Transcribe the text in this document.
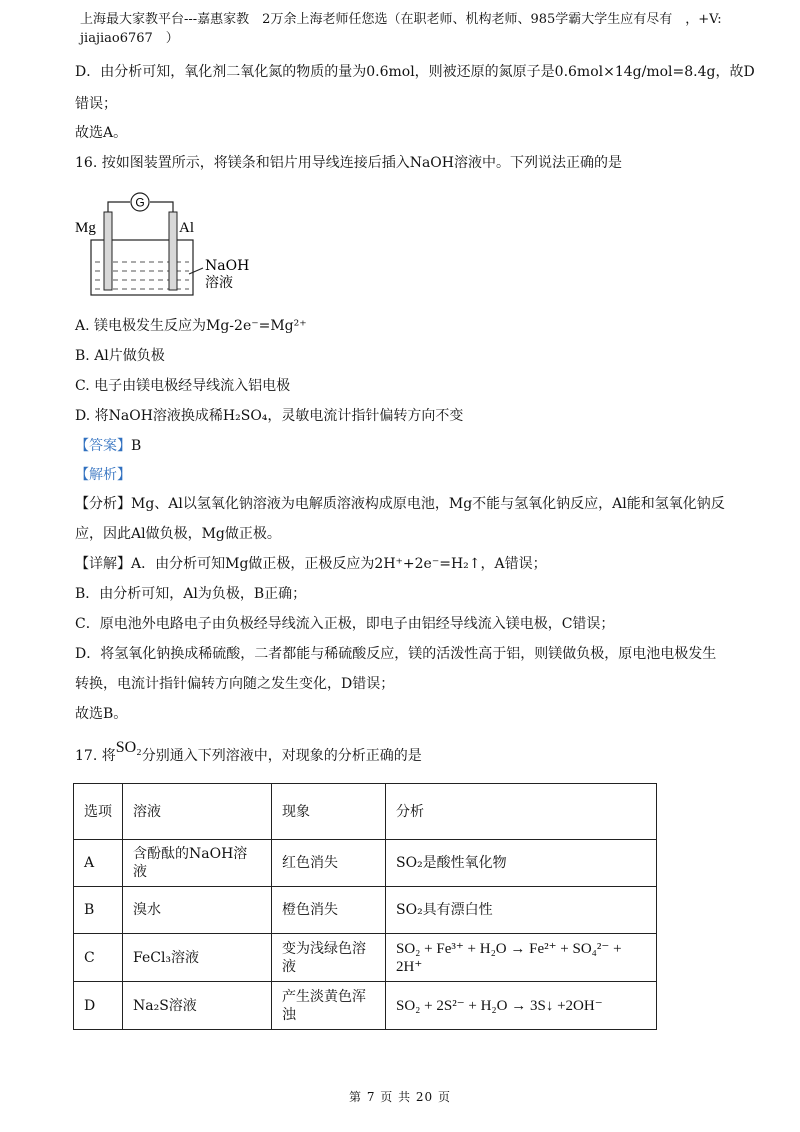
上海最大家教平台---嘉惠家教　2万余上海老师任您选（在职老师、机构老师、985学霸大学生应有尽有　，+V:
jiajiao6767　）
D．由分析可知，氧化剂二氧化氮的物质的量为0.6mol，则被还原的氮原子是0.6mol×14g/mol=8.4g，故D
错误；
故选A。
16. 按如图装置所示，将镁条和铝片用导线连接后插入NaOH溶液中。下列说法正确的是
G
Mg	Al
NaOH
溶液
A. 镁电极发生反应为Mg-2e⁻=Mg²⁺
B. Al片做负极
C. 电子由镁电极经导线流入铝电极
D. 将NaOH溶液换成稀H₂SO₄，灵敏电流计指针偏转方向不变
【答案】B
【解析】
【分析】Mg、Al以氢氧化钠溶液为电解质溶液构成原电池，Mg不能与氢氧化钠反应，Al能和氢氧化钠反
应，因此Al做负极，Mg做正极。
【详解】A．由分析可知Mg做正极，正极反应为2H⁺+2e⁻=H₂↑，A错误；
B．由分析可知，Al为负极，B正确；
C．原电池外电路电子由负极经导线流入正极，即电子由铝经导线流入镁电极，C错误；
D．将氢氧化钠换成稀硫酸，二者都能与稀硫酸反应，镁的活泼性高于铝，则镁做负极，原电池电极发生
转换，电流计指针偏转方向随之发生变化，D错误；
故选B。
17. 将SO₂分别通入下列溶液中，对现象的分析正确的是
选项	溶液	现象	分析
A	含酚酞的NaOH溶液	红色消失	SO₂是酸性氧化物
B	溴水	橙色消失	SO₂具有漂白性
C	FeCl₃溶液	变为浅绿色溶液	SO₂ + Fe³⁺ + H₂O → Fe²⁺ + SO₄²⁻ + 2H⁺
D	Na₂S溶液	产生淡黄色浑浊	SO₂ + 2S²⁻ + H₂O → 3S↓ +2OH⁻
第 7 页 共 20 页
